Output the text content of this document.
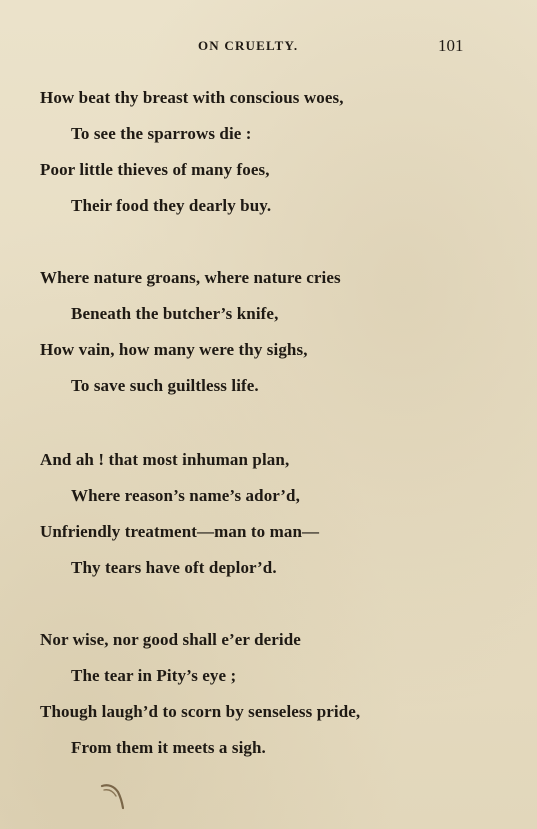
ON CRUELTY.	101
How beat thy breast with conscious woes,
To see the sparrows die :
Poor little thieves of many foes,
Their food they dearly buy.
Where nature groans, where nature cries
Beneath the butcher’s knife,
How vain, how many were thy sighs,
To save such guiltless life.
And ah ! that most inhuman plan,
Where reason’s name’s ador’d,
Unfriendly treatment—man to man—
Thy tears have oft deplor’d.
Nor wise, nor good shall e’er deride
The tear in Pity’s eye ;
Though laugh’d to scorn by senseless pride,
From them it meets a sigh.
